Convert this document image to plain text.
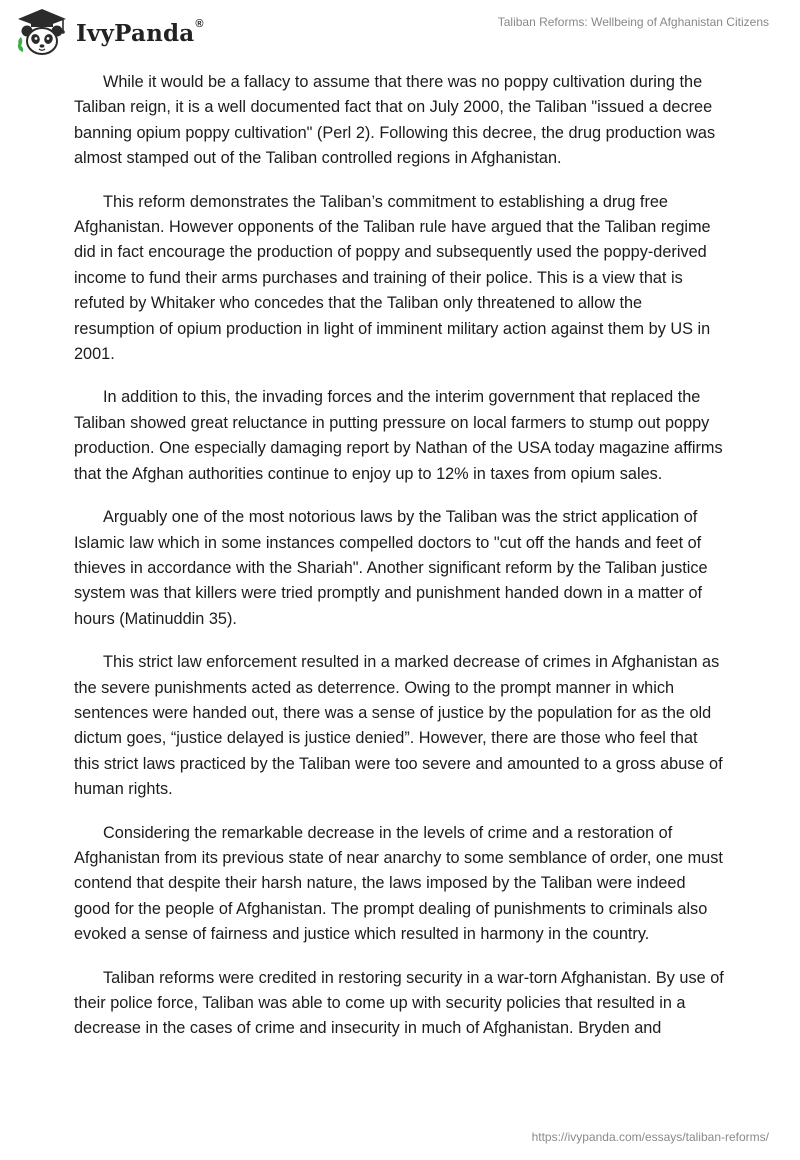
IvyPanda®	Taliban Reforms: Wellbeing of Afghanistan Citizens

While it would be a fallacy to assume that there was no poppy cultivation during the Taliban reign, it is a well documented fact that on July 2000, the Taliban "issued a decree banning opium poppy cultivation" (Perl 2). Following this decree, the drug production was almost stamped out of the Taliban controlled regions in Afghanistan.

This reform demonstrates the Taliban’s commitment to establishing a drug free Afghanistan. However opponents of the Taliban rule have argued that the Taliban regime did in fact encourage the production of poppy and subsequently used the poppy-derived income to fund their arms purchases and training of their police. This is a view that is refuted by Whitaker who concedes that the Taliban only threatened to allow the resumption of opium production in light of imminent military action against them by US in 2001.

In addition to this, the invading forces and the interim government that replaced the Taliban showed great reluctance in putting pressure on local farmers to stump out poppy production. One especially damaging report by Nathan of the USA today magazine affirms that the Afghan authorities continue to enjoy up to 12% in taxes from opium sales.

Arguably one of the most notorious laws by the Taliban was the strict application of Islamic law which in some instances compelled doctors to "cut off the hands and feet of thieves in accordance with the Shariah". Another significant reform by the Taliban justice system was that killers were tried promptly and punishment handed down in a matter of hours (Matinuddin 35).

This strict law enforcement resulted in a marked decrease of crimes in Afghanistan as the severe punishments acted as deterrence. Owing to the prompt manner in which sentences were handed out, there was a sense of justice by the population for as the old dictum goes, “justice delayed is justice denied”. However, there are those who feel that this strict laws practiced by the Taliban were too severe and amounted to a gross abuse of human rights.

Considering the remarkable decrease in the levels of crime and a restoration of Afghanistan from its previous state of near anarchy to some semblance of order, one must contend that despite their harsh nature, the laws imposed by the Taliban were indeed good for the people of Afghanistan. The prompt dealing of punishments to criminals also evoked a sense of fairness and justice which resulted in harmony in the country.

Taliban reforms were credited in restoring security in a war-torn Afghanistan. By use of their police force, Taliban was able to come up with security policies that resulted in a decrease in the cases of crime and insecurity in much of Afghanistan. Bryden and

https://ivypanda.com/essays/taliban-reforms/
